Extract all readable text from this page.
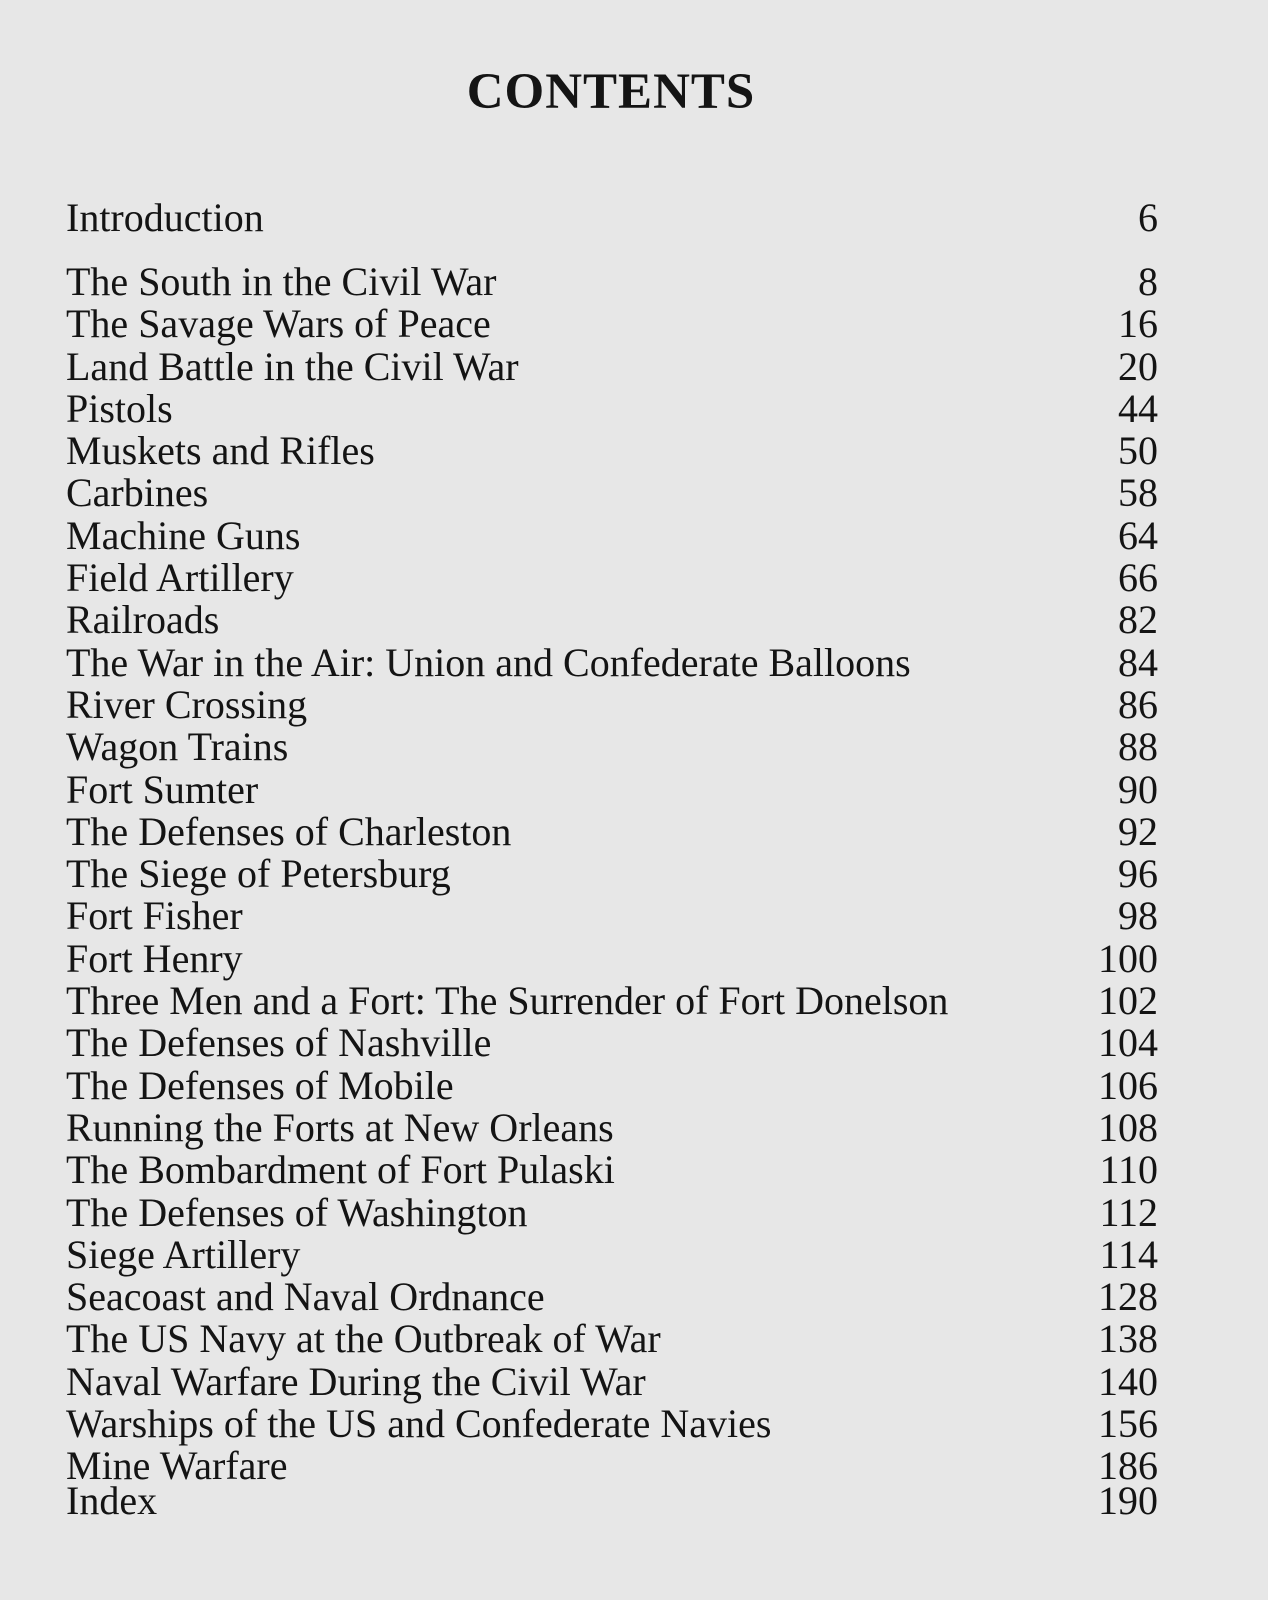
CONTENTS
Introduction	6
The South in the Civil War	8
The Savage Wars of Peace	16
Land Battle in the Civil War	20
Pistols	44
Muskets and Rifles	50
Carbines	58
Machine Guns	64
Field Artillery	66
Railroads	82
The War in the Air: Union and Confederate Balloons	84
River Crossing	86
Wagon Trains	88
Fort Sumter	90
The Defenses of Charleston	92
The Siege of Petersburg	96
Fort Fisher	98
Fort Henry	100
Three Men and a Fort: The Surrender of Fort Donelson	102
The Defenses of Nashville	104
The Defenses of Mobile	106
Running the Forts at New Orleans	108
The Bombardment of Fort Pulaski	110
The Defenses of Washington	112
Siege Artillery	114
Seacoast and Naval Ordnance	128
The US Navy at the Outbreak of War	138
Naval Warfare During the Civil War	140
Warships of the US and Confederate Navies	156
Mine Warfare	186
Index	190
